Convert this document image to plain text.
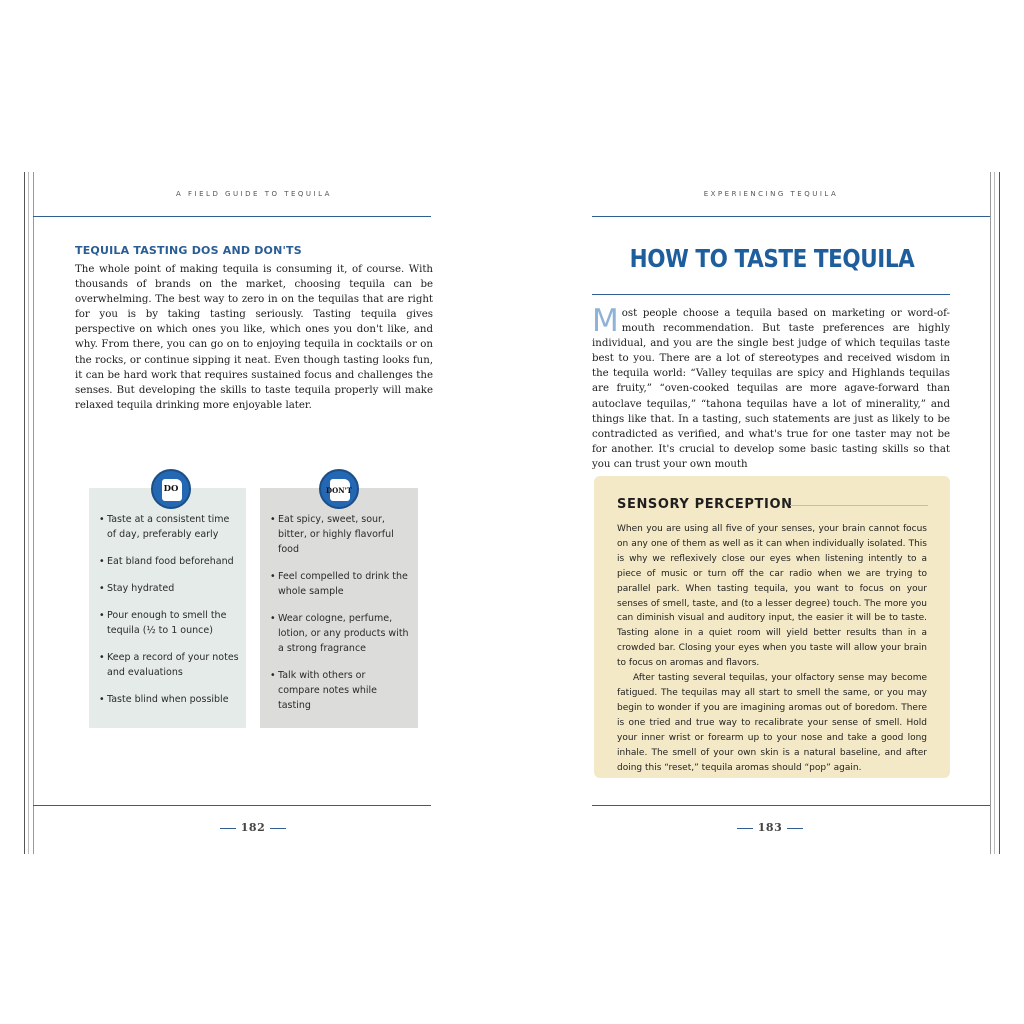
A FIELD GUIDE TO TEQUILA
TEQUILA TASTING DOS AND DON'TS

The whole point of making tequila is consuming it, of course. With thousands of brands on the market, choosing tequila can be overwhelming. The best way to zero in on the tequilas that are right for you is by taking tasting seriously. Tasting tequila gives perspective on which ones you like, which ones you don't like, and why. From there, you can go on to enjoying tequila in cocktails or on the rocks, or continue sipping it neat. Even though tasting looks fun, it can be hard work that requires sustained focus and challenges the senses. But developing the skills to taste tequila properly will make relaxed tequila drinking more enjoyable later.

• Taste at a consistent time of day, preferably early
• Eat bland food beforehand
• Stay hydrated
• Pour enough to smell the tequila (½ to 1 ounce)
• Keep a record of your notes and evaluations
• Taste blind when possible
DO
• Eat spicy, sweet, sour, bitter, or highly flavorful food
• Feel compelled to drink the whole sample
• Wear cologne, perfume, lotion, or any products with a strong fragrance
• Talk with others or compare notes while tasting
DON'T
182
EXPERIENCING TEQUILA
HOW TO TASTE TEQUILA

Most people choose a tequila based on marketing or word-of-mouth recommendation. But taste preferences are highly individual, and you are the single best judge of which tequilas taste best to you. There are a lot of stereotypes and received wisdom in the tequila world: “Valley tequilas are spicy and Highlands tequilas are fruity,” “oven-cooked tequilas are more agave-forward than autoclave tequilas,” “tahona tequilas have a lot of minerality,” and things like that. In a tasting, such statements are just as likely to be contradicted as verified, and what's true for one taster may not be for another. It's crucial to develop some basic tasting skills so that you can trust your own mouth

SENSORY PERCEPTION

When you are using all five of your senses, your brain cannot focus on any one of them as well as it can when individually isolated. This is why we reflexively close our eyes when listening intently to a piece of music or turn off the car radio when we are trying to parallel park. When tasting tequila, you want to focus on your senses of smell, taste, and (to a lesser degree) touch. The more you can diminish visual and auditory input, the easier it will be to taste. Tasting alone in a quiet room will yield better results than in a crowded bar. Closing your eyes when you taste will allow your brain to focus on aromas and flavors.

After tasting several tequilas, your olfactory sense may become fatigued. The tequilas may all start to smell the same, or you may begin to wonder if you are imagining aromas out of boredom. There is one tried and true way to recalibrate your sense of smell. Hold your inner wrist or forearm up to your nose and take a good long inhale. The smell of your own skin is a natural baseline, and after doing this “reset,” tequila aromas should “pop” again.

183
